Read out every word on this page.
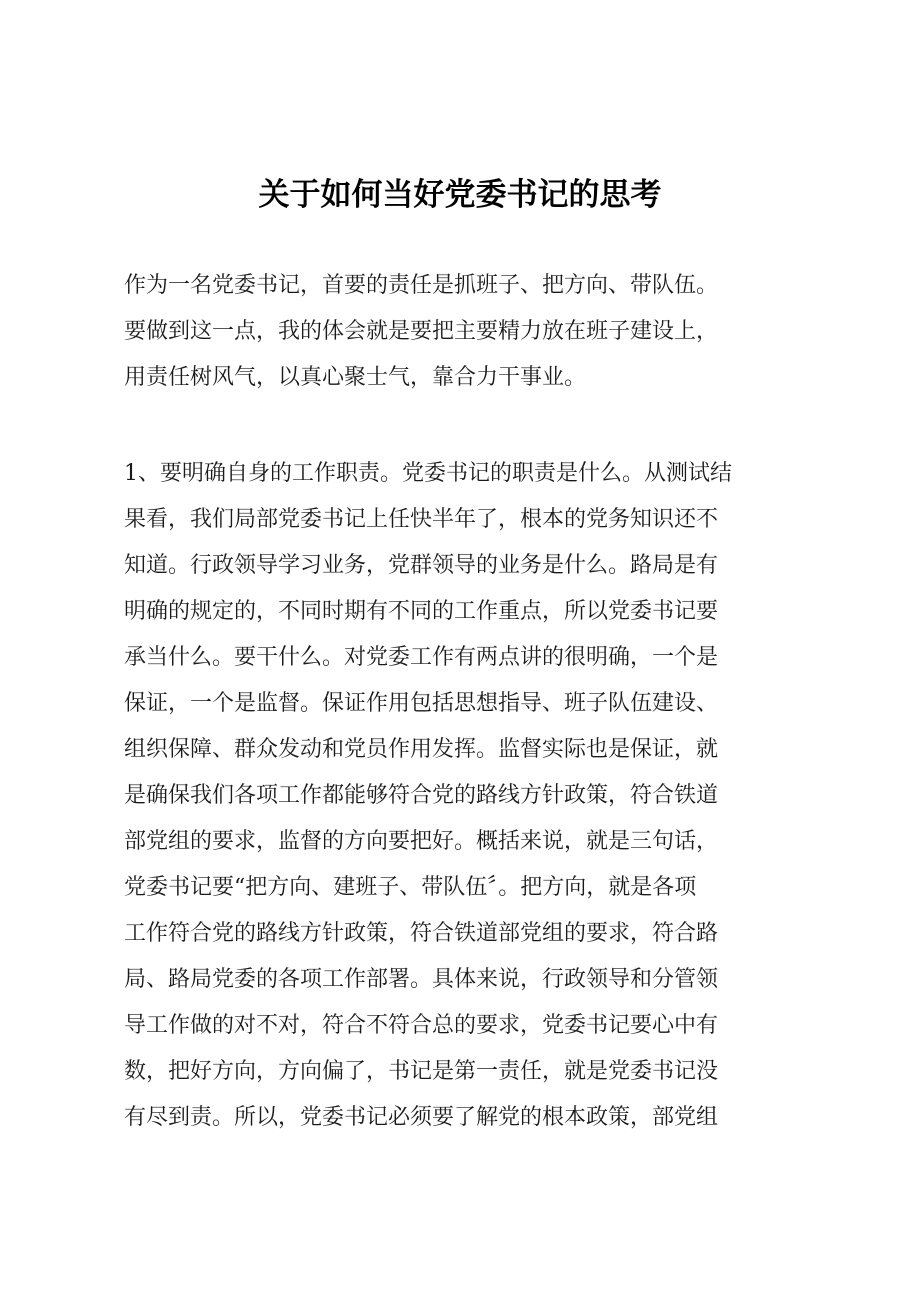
关于如何当好党委书记的思考
作为一名党委书记，首要的责任是抓班子、把方向、带队伍。
要做到这一点，我的体会就是要把主要精力放在班子建设上，
用责任树风气，以真心聚士气，靠合力干事业。
1、要明确自身的工作职责。党委书记的职责是什么。从测试结
果看，我们局部党委书记上任快半年了，根本的党务知识还不
知道。行政领导学习业务，党群领导的业务是什么。路局是有
明确的规定的，不同时期有不同的工作重点，所以党委书记要
承当什么。要干什么。对党委工作有两点讲的很明确，一个是
保证，一个是监督。保证作用包括思想指导、班子队伍建设、
组织保障、群众发动和党员作用发挥。监督实际也是保证，就
是确保我们各项工作都能够符合党的路线方针政策，符合铁道
部党组的要求，监督的方向要把好。概括来说，就是三句话，
党委书记要“把方向、建班子、带队伍〞。把方向，就是各项
工作符合党的路线方针政策，符合铁道部党组的要求，符合路
局、路局党委的各项工作部署。具体来说，行政领导和分管领
导工作做的对不对，符合不符合总的要求，党委书记要心中有
数，把好方向，方向偏了，书记是第一责任，就是党委书记没
有尽到责。所以，党委书记必须要了解党的根本政策，部党组
